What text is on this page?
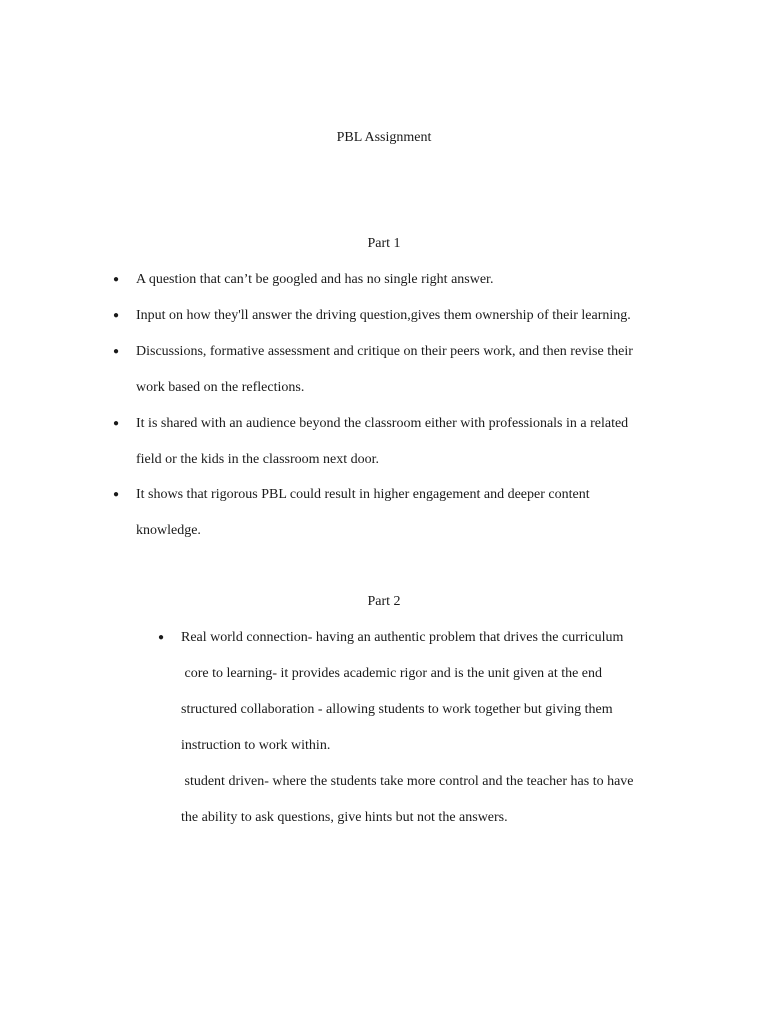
PBL Assignment
Part 1
● A question that can’t be googled and has no single right answer.
● Input on how they'll answer the driving question,gives them ownership of their learning.
● Discussions, formative assessment and critique on their peers work, and then revise their
work based on the reflections.
● It is shared with an audience beyond the classroom either with professionals in a related
field or the kids in the classroom next door.
● It shows that rigorous PBL could result in higher engagement and deeper content
knowledge.
Part 2
● Real world connection- having an authentic problem that drives the curriculum
core to learning- it provides academic rigor and is the unit given at the end
structured collaboration - allowing students to work together but giving them
instruction to work within.
student driven- where the students take more control and the teacher has to have
the ability to ask questions, give hints but not the answers.
